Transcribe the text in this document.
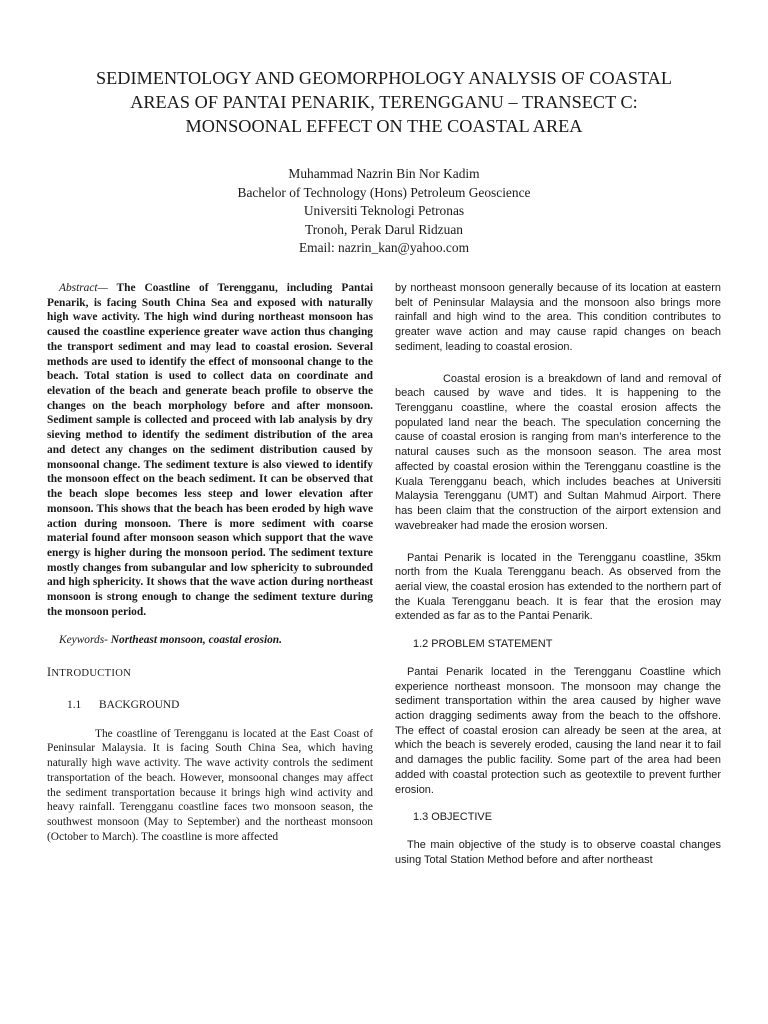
SEDIMENTOLOGY AND GEOMORPHOLOGY ANALYSIS OF COASTAL
AREAS OF PANTAI PENARIK, TERENGGANU – TRANSECT C:
MONSOONAL EFFECT ON THE COASTAL AREA
Muhammad Nazrin Bin Nor Kadim
Bachelor of Technology (Hons) Petroleum Geoscience
Universiti Teknologi Petronas
Tronoh, Perak Darul Ridzuan
Email: nazrin_kan@yahoo.com

Abstract— The Coastline of Terengganu, including Pantai Penarik, is facing South China Sea and exposed with naturally high wave activity. The high wind during northeast monsoon has caused the coastline experience greater wave action thus changing the transport sediment and may lead to coastal erosion. Several methods are used to identify the effect of monsoonal change to the beach. Total station is used to collect data on coordinate and elevation of the beach and generate beach profile to observe the changes on the beach morphology before and after monsoon. Sediment sample is collected and proceed with lab analysis by dry sieving method to identify the sediment distribution of the area and detect any changes on the sediment distribution caused by monsoonal change. The sediment texture is also viewed to identify the monsoon effect on the beach sediment. It can be observed that the beach slope becomes less steep and lower elevation after monsoon. This shows that the beach has been eroded by high wave action during monsoon. There is more sediment with coarse material found after monsoon season which support that the wave energy is higher during the monsoon period. The sediment texture mostly changes from subangular and low sphericity to subrounded and high sphericity. It shows that the wave action during northeast monsoon is strong enough to change the sediment texture during the monsoon period.

Keywords- Northeast monsoon, coastal erosion.

INTRODUCTION

1.1 BACKGROUND

The coastline of Terengganu is located at the East Coast of Peninsular Malaysia. It is facing South China Sea, which having naturally high wave activity. The wave activity controls the sediment transportation of the beach. However, monsoonal changes may affect the sediment transportation because it brings high wind activity and heavy rainfall. Terengganu coastline faces two monsoon season, the southwest monsoon (May to September) and the northeast monsoon (October to March). The coastline is more affected

by northeast monsoon generally because of its location at eastern belt of Peninsular Malaysia and the monsoon also brings more rainfall and high wind to the area. This condition contributes to greater wave action and may cause rapid changes on beach sediment, leading to coastal erosion.

Coastal erosion is a breakdown of land and removal of beach caused by wave and tides. It is happening to the Terengganu coastline, where the coastal erosion affects the populated land near the beach. The speculation concerning the cause of coastal erosion is ranging from man’s interference to the natural causes such as the monsoon season. The area most affected by coastal erosion within the Terengganu coastline is the Kuala Terengganu beach, which includes beaches at Universiti Malaysia Terengganu (UMT) and Sultan Mahmud Airport. There has been claim that the construction of the airport extension and wavebreaker had made the erosion worsen.

Pantai Penarik is located in the Terengganu coastline, 35km north from the Kuala Terengganu beach. As observed from the aerial view, the coastal erosion has extended to the northern part of the Kuala Terengganu beach. It is fear that the erosion may extended as far as to the Pantai Penarik.

1.2 PROBLEM STATEMENT

Pantai Penarik located in the Terengganu Coastline which experience northeast monsoon. The monsoon may change the sediment transportation within the area caused by higher wave action dragging sediments away from the beach to the offshore. The effect of coastal erosion can already be seen at the area, at which the beach is severely eroded, causing the land near it to fail and damages the public facility. Some part of the area had been added with coastal protection such as geotextile to prevent further erosion.

1.3 OBJECTIVE

The main objective of the study is to observe coastal changes using Total Station Method before and after northeast
